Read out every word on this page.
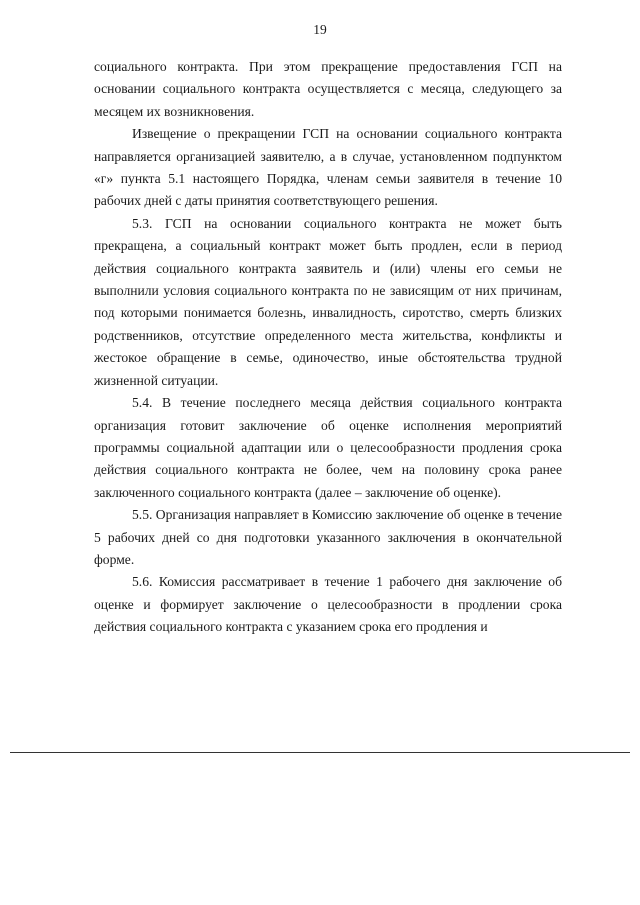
19

социального контракта. При этом прекращение предоставления ГСП на основании социального контракта осуществляется с месяца, следующего за месяцем их возникновения.

Извещение о прекращении ГСП на основании социального контракта направляется организацией заявителю, а в случае, установленном подпунктом «г» пункта 5.1 настоящего Порядка, членам семьи заявителя в течение 10 рабочих дней с даты принятия соответствующего решения.

5.3. ГСП на основании социального контракта не может быть прекращена, а социальный контракт может быть продлен, если в период действия социального контракта заявитель и (или) члены его семьи не выполнили условия социального контракта по не зависящим от них причинам, под которыми понимается болезнь, инвалидность, сиротство, смерть близких родственников, отсутствие определенного места жительства, конфликты и жестокое обращение в семье, одиночество, иные обстоятельства трудной жизненной ситуации.

5.4. В течение последнего месяца действия социального контракта организация готовит заключение об оценке исполнения мероприятий программы социальной адаптации или о целесообразности продления срока действия социального контракта не более, чем на половину срока ранее заключенного социального контракта (далее – заключение об оценке).

5.5. Организация направляет в Комиссию заключение об оценке в течение 5 рабочих дней со дня подготовки указанного заключения в окончательной форме.

5.6. Комиссия рассматривает в течение 1 рабочего дня заключение об оценке и формирует заключение о целесообразности в продлении срока действия социального контракта с указанием срока его продления и
